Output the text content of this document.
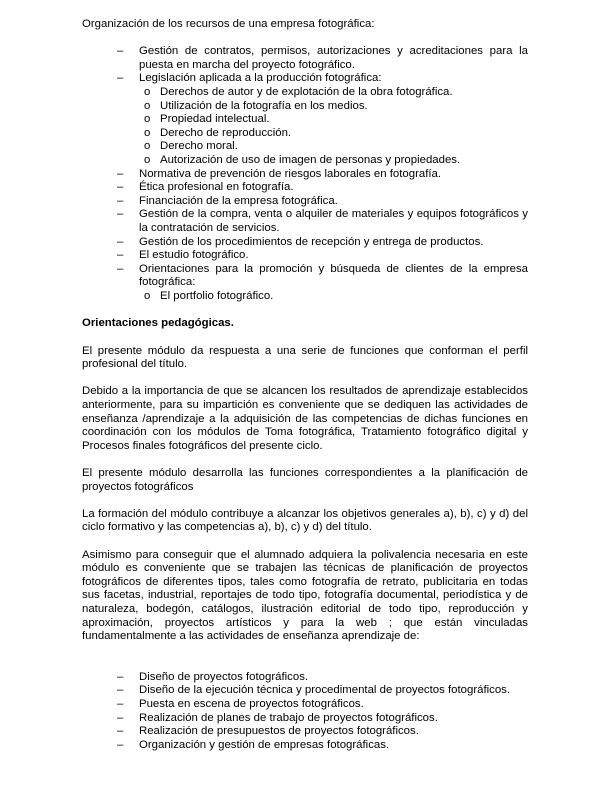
Organización de los recursos de una empresa fotográfica:

– Gestión de contratos, permisos, autorizaciones y acreditaciones para la puesta en marcha del proyecto fotográfico.
– Legislación aplicada a la producción fotográfica:
o Derechos de autor y de explotación de la obra fotográfica.
o Utilización de la fotografía en los medios.
o Propiedad intelectual.
o Derecho de reproducción.
o Derecho moral.
o Autorización de uso de imagen de personas y propiedades.
– Normativa de prevención de riesgos laborales en fotografía.
– Ética profesional en fotografía.
– Financiación de la empresa fotográfica.
– Gestión de la compra, venta o alquiler de materiales y equipos fotográficos y la contratación de servicios.
– Gestión de los procedimientos de recepción y entrega de productos.
– El estudio fotográfico.
– Orientaciones para la promoción y búsqueda de clientes de la empresa fotográfica:
o El portfolio fotográfico.

Orientaciones pedagógicas.

El presente módulo da respuesta a una serie de funciones que conforman el perfil profesional del título.

Debido a la importancia de que se alcancen los resultados de aprendizaje establecidos anteriormente, para su impartición es conveniente que se dediquen las actividades de enseñanza /aprendizaje a la adquisición de las competencias de dichas funciones en coordinación con los módulos de Toma fotográfica, Tratamiento fotográfico digital y Procesos finales fotográficos del presente ciclo.

El presente módulo desarrolla las funciones correspondientes a la planificación de proyectos fotográficos

La formación del módulo contribuye a alcanzar los objetivos generales a), b), c) y d) del ciclo formativo y las competencias a), b), c) y d) del título.

Asimismo para conseguir que el alumnado adquiera la polivalencia necesaria en este módulo es conveniente que se trabajen las técnicas de planificación de proyectos fotográficos de diferentes tipos, tales como fotografía de retrato, publicitaria en todas sus facetas, industrial, reportajes de todo tipo, fotografía documental, periodística y de naturaleza, bodegón, catálogos, ilustración editorial de todo tipo, reproducción y aproximación, proyectos artísticos y para la web ; que están vinculadas fundamentalmente a las actividades de enseñanza aprendizaje de:

– Diseño de proyectos fotográficos.
– Diseño de la ejecución técnica y procedimental de proyectos fotográficos.
– Puesta en escena de proyectos fotográficos.
– Realización de planes de trabajo de proyectos fotográficos.
– Realización de presupuestos de proyectos fotográficos.
– Organización y gestión de empresas fotográficas.
